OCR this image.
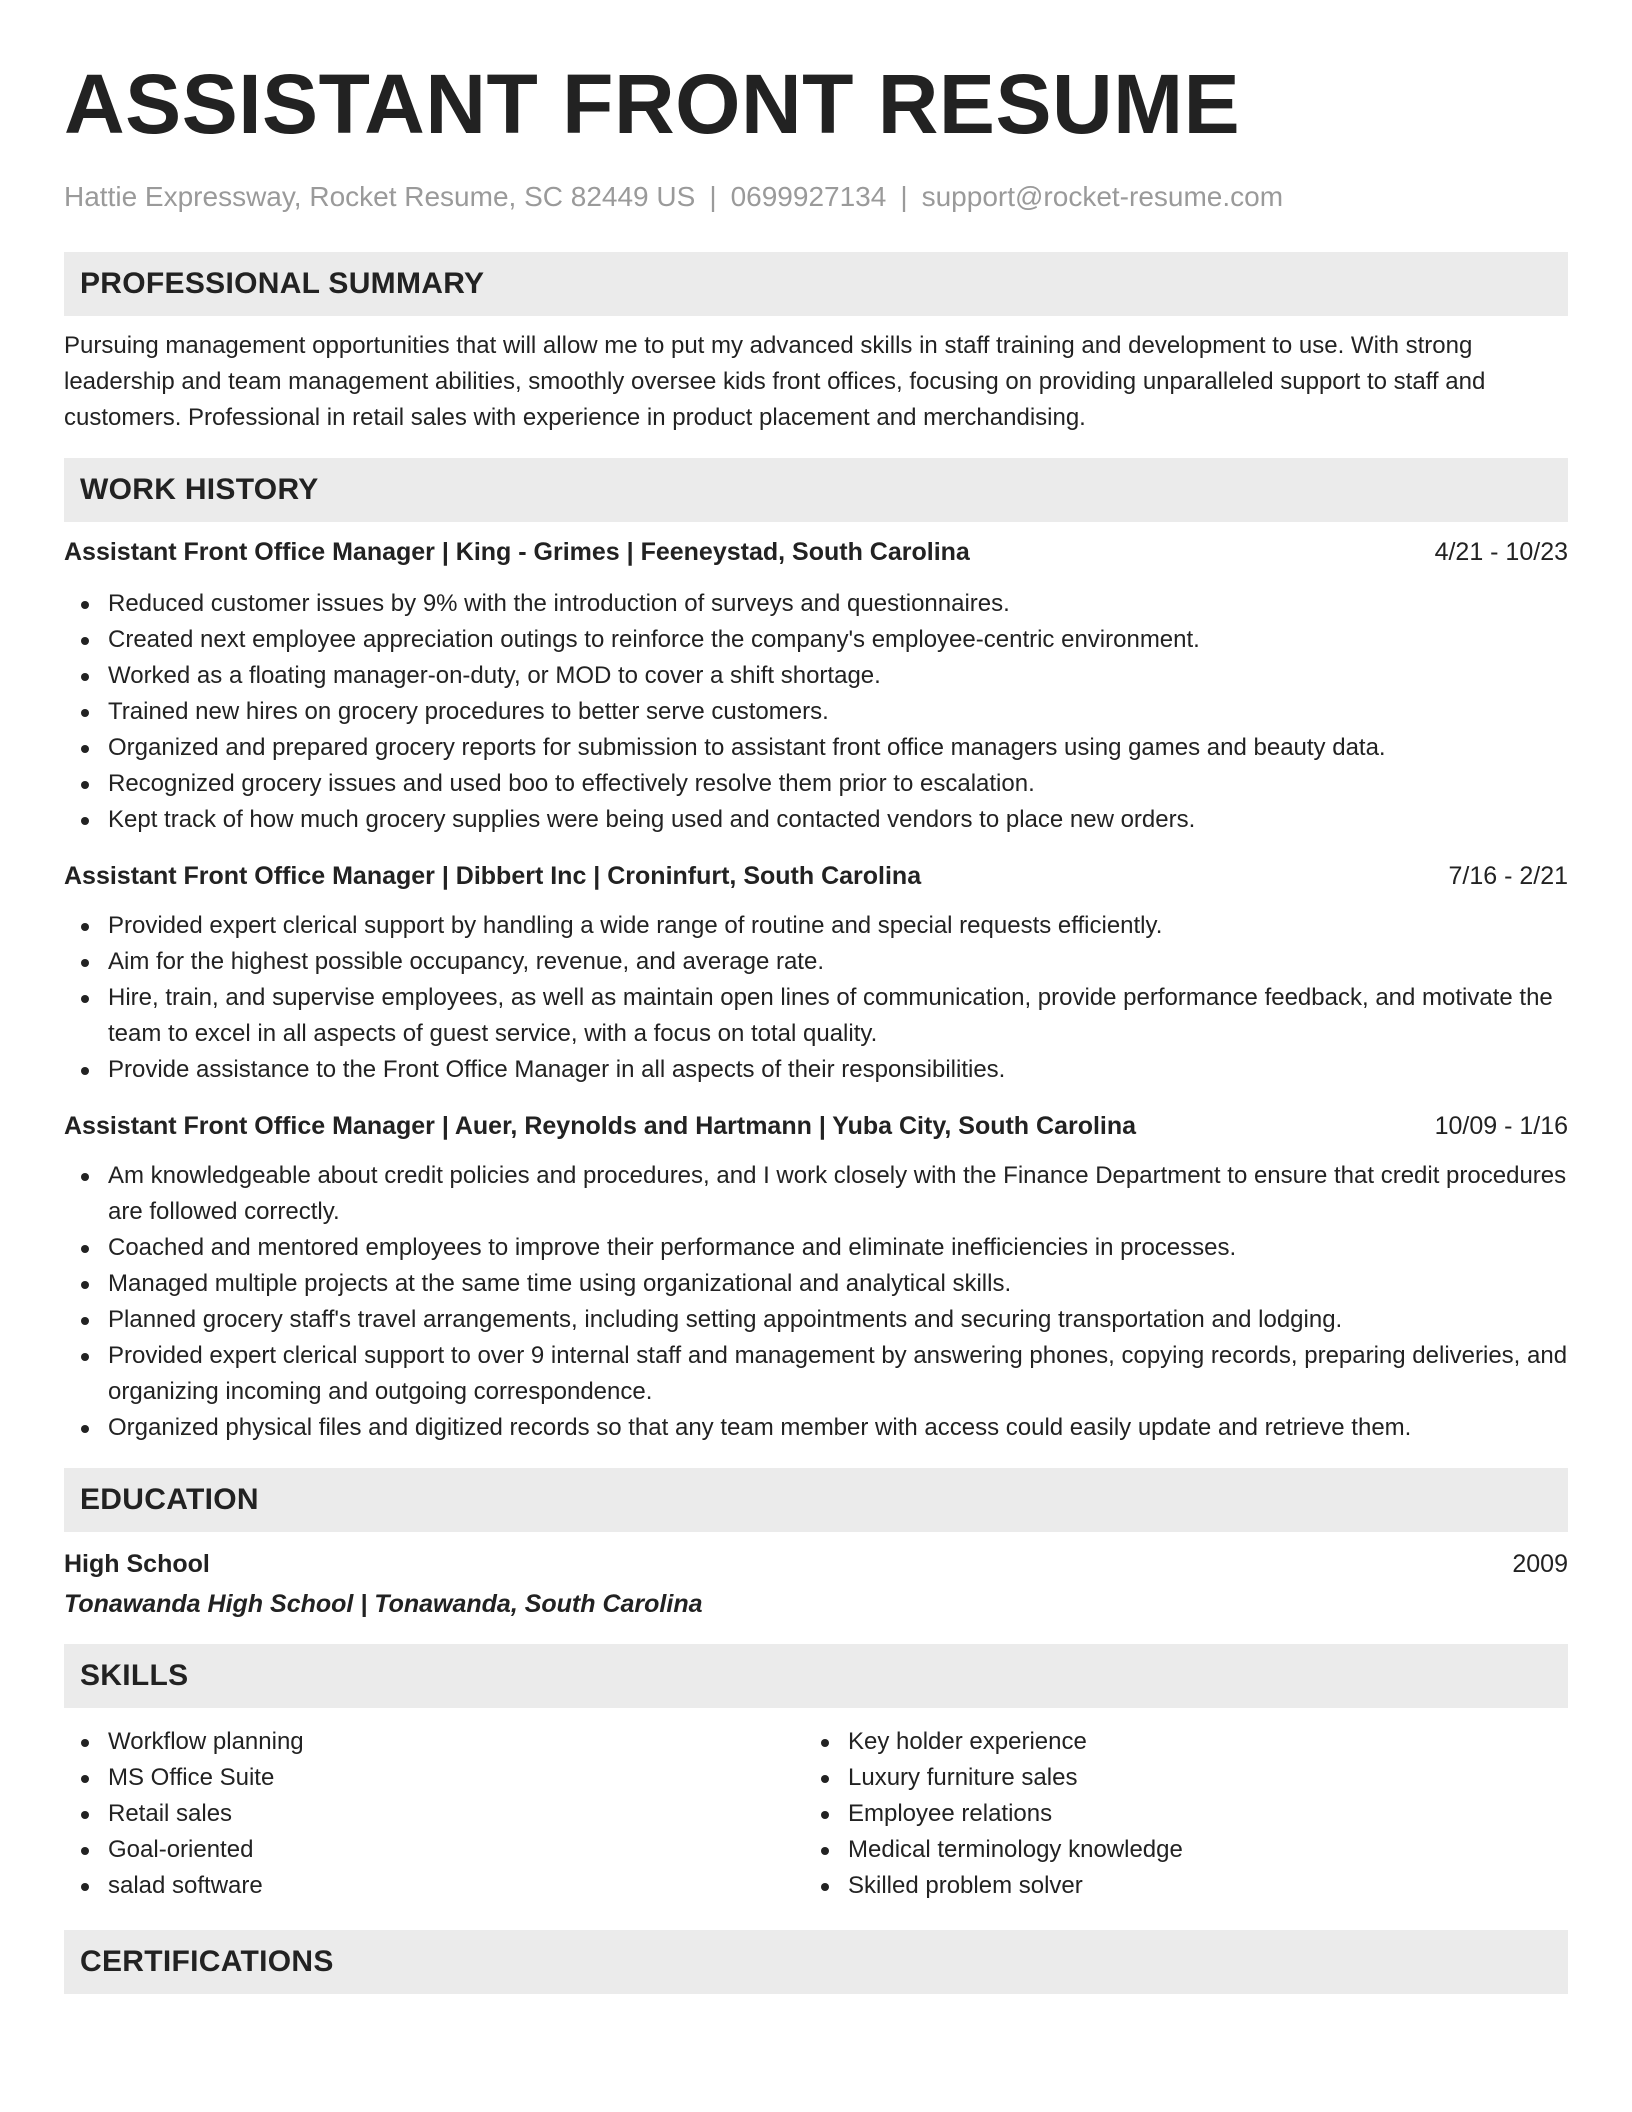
ASSISTANT FRONT RESUME
Hattie Expressway, Rocket Resume, SC 82449 US | 0699927134 | support@rocket-resume.com
PROFESSIONAL SUMMARY

Pursuing management opportunities that will allow me to put my advanced skills in staff training and development to use. With strong leadership and team management abilities, smoothly oversee kids front offices, focusing on providing unparalleled support to staff and customers. Professional in retail sales with experience in product placement and merchandising.

WORK HISTORY
Assistant Front Office Manager | King - Grimes | Feeneystad, South Carolina	4/21 - 10/23
Reduced customer issues by 9% with the introduction of surveys and questionnaires.
Created next employee appreciation outings to reinforce the company's employee-centric environment.
Worked as a floating manager-on-duty, or MOD to cover a shift shortage.
Trained new hires on grocery procedures to better serve customers.
Organized and prepared grocery reports for submission to assistant front office managers using games and beauty data.
Recognized grocery issues and used boo to effectively resolve them prior to escalation.
Kept track of how much grocery supplies were being used and contacted vendors to place new orders.
Assistant Front Office Manager | Dibbert Inc | Croninfurt, South Carolina	7/16 - 2/21
Provided expert clerical support by handling a wide range of routine and special requests efficiently.
Aim for the highest possible occupancy, revenue, and average rate.
Hire, train, and supervise employees, as well as maintain open lines of communication, provide performance feedback, and motivate the team to excel in all aspects of guest service, with a focus on total quality.
Provide assistance to the Front Office Manager in all aspects of their responsibilities.
Assistant Front Office Manager | Auer, Reynolds and Hartmann | Yuba City, South Carolina	10/09 - 1/16
Am knowledgeable about credit policies and procedures, and I work closely with the Finance Department to ensure that credit procedures are followed correctly.
Coached and mentored employees to improve their performance and eliminate inefficiencies in processes.
Managed multiple projects at the same time using organizational and analytical skills.
Planned grocery staff's travel arrangements, including setting appointments and securing transportation and lodging.
Provided expert clerical support to over 9 internal staff and management by answering phones, copying records, preparing deliveries, and organizing incoming and outgoing correspondence.
Organized physical files and digitized records so that any team member with access could easily update and retrieve them.
EDUCATION
High School	2009
Tonawanda High School | Tonawanda, South Carolina
SKILLS
Workflow planning
MS Office Suite
Retail sales
Goal-oriented
salad software
Key holder experience
Luxury furniture sales
Employee relations
Medical terminology knowledge
Skilled problem solver
CERTIFICATIONS
